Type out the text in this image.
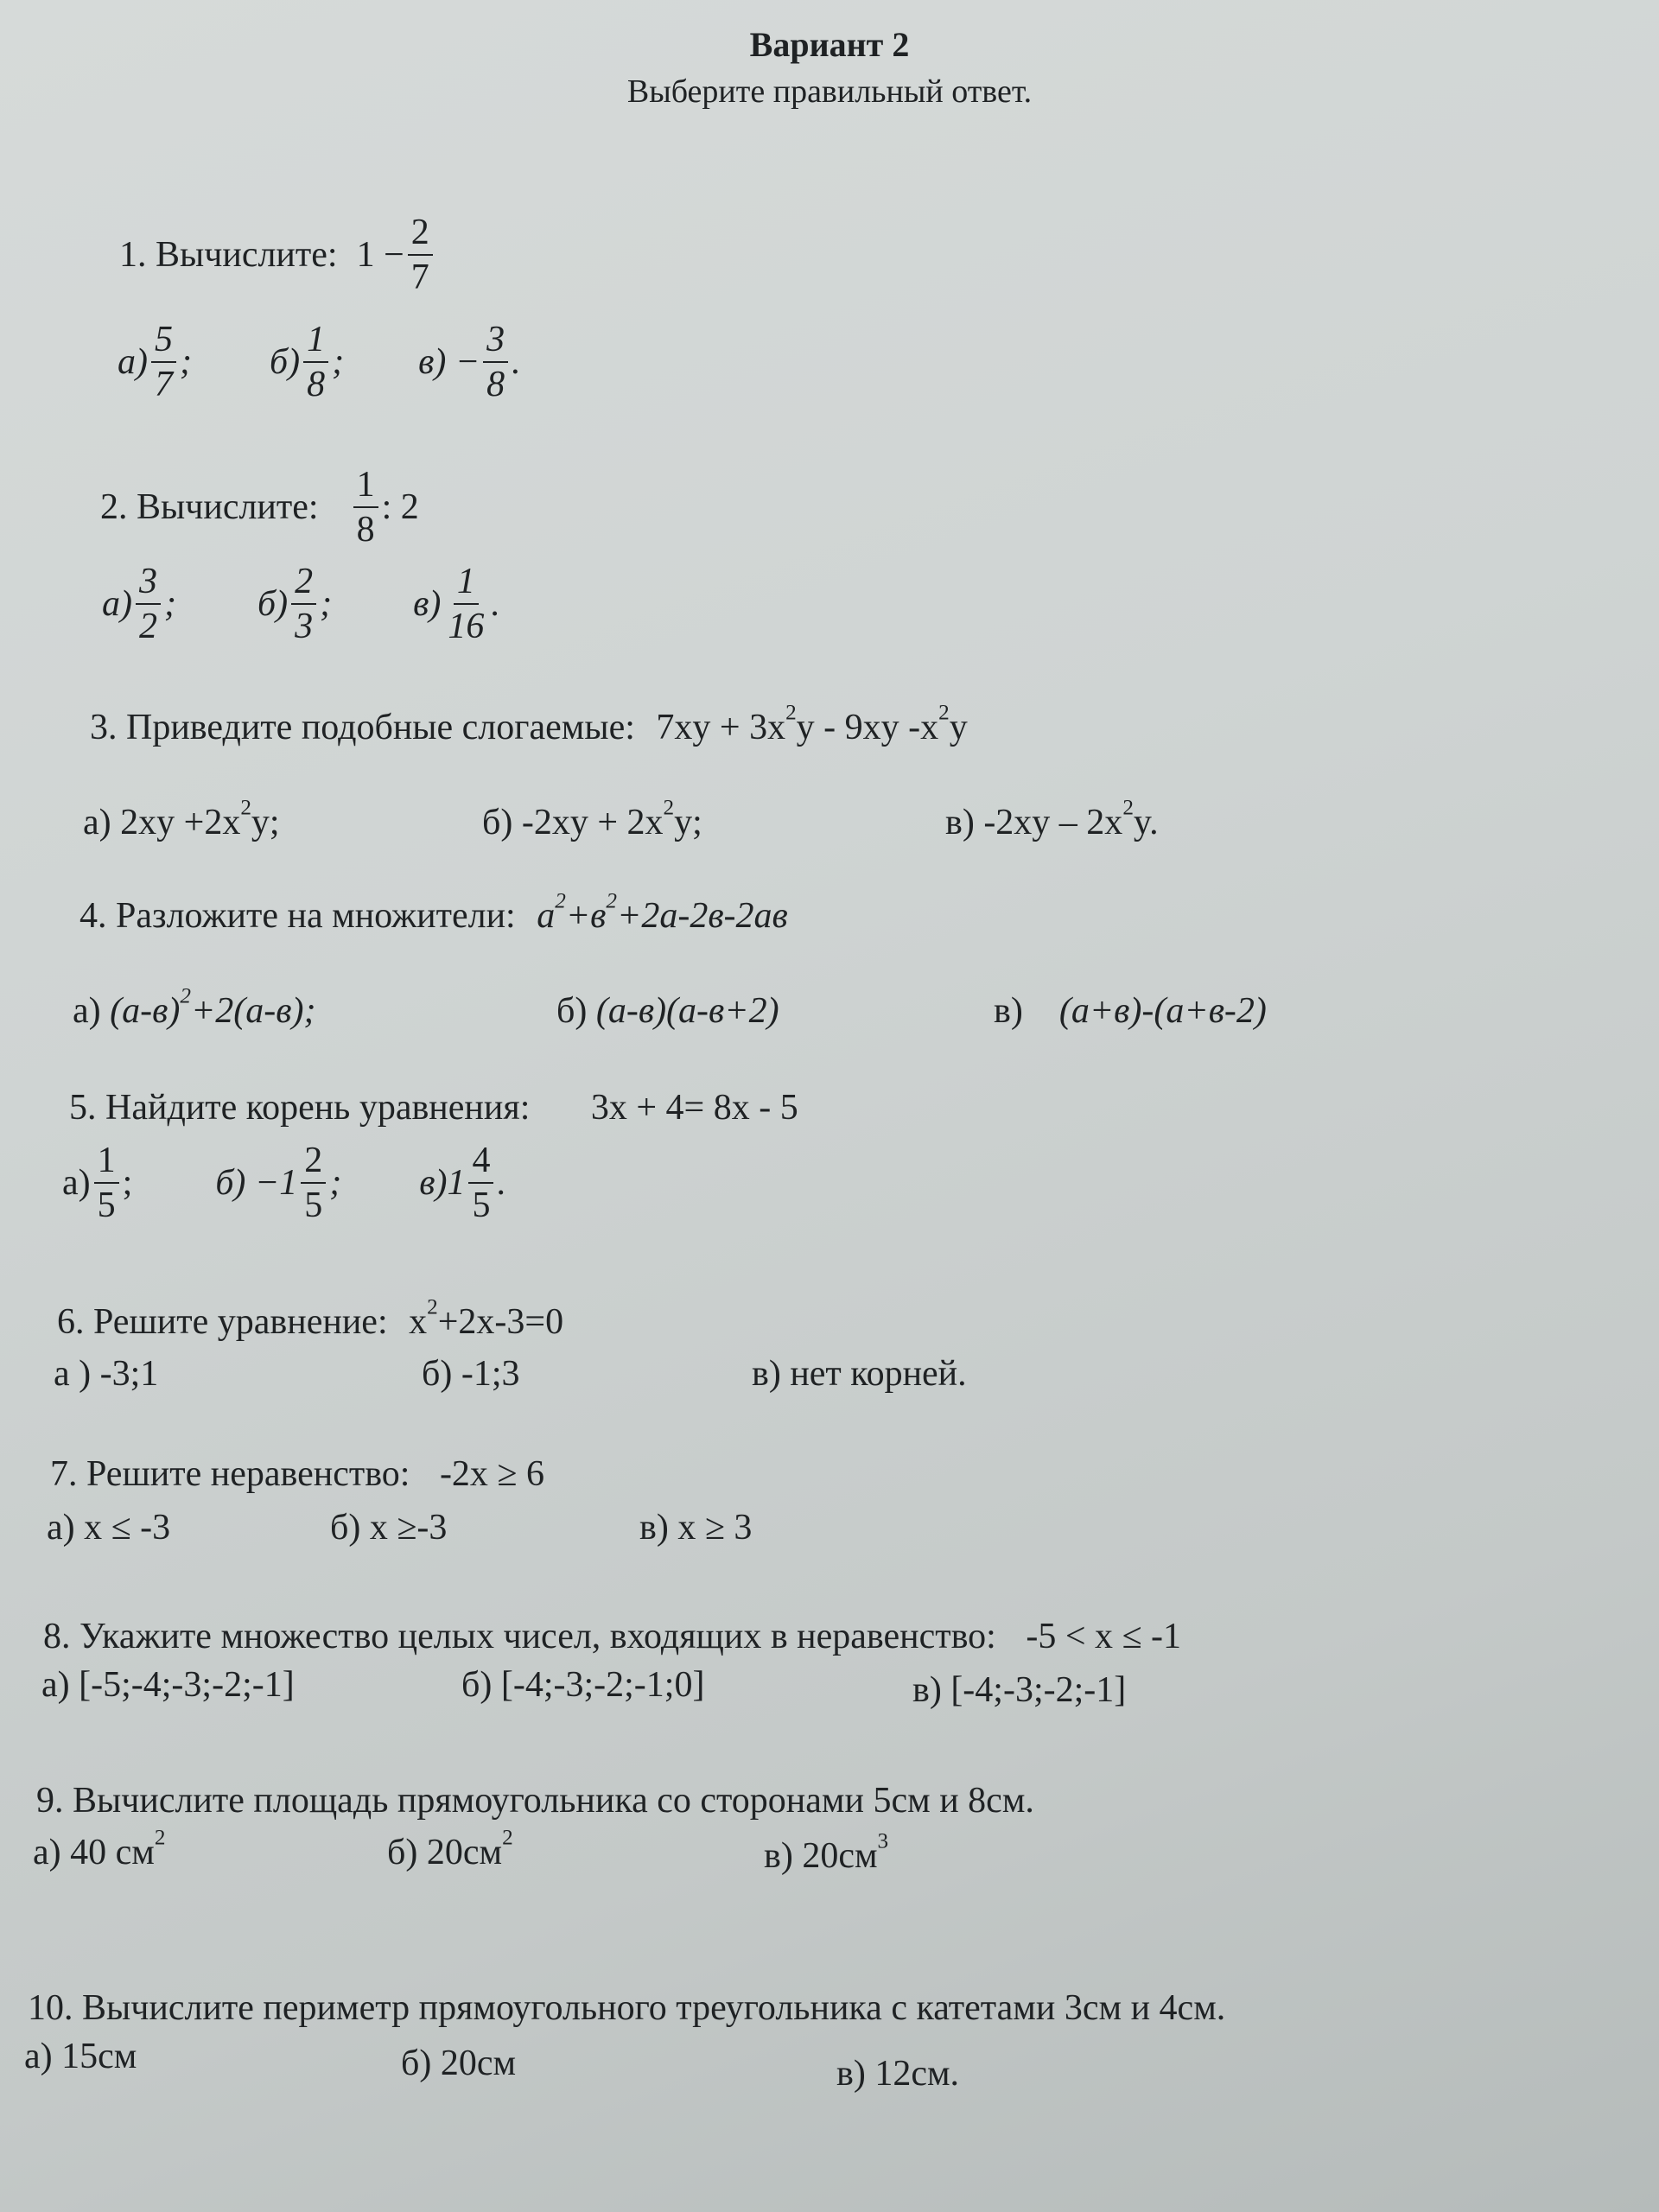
Вариант 2
Выберите правильный ответ.
1. Вычислите: $1 - \frac{2}{7}$
$а) \frac{5}{7}$ ; $б) \frac{1}{8}$ ; $в) - \frac{3}{8}$ .
2. Вычислите: $\frac{1}{8}$ : 2
$а) \frac{3}{2}$ ; $б) \frac{2}{3}$ ; $в) \frac{1}{16}$ .
3. Приведите подобные слогаемые: $7xy + 3x^2y - 9xy$ $-x^2y$
а) $2xy +2x^2y$;	б) $-2xy + 2x^2y$;	в) $-2xy - 2x^2y$.
4. Разложите на множители: $a^2+в^2+2a-2в-2aв$
а) $(a-в)^2+2(a-в)$;	б) (a-в)(a-в+2)	в) (a+в)-(a+в-2)
5. Найдите корень уравнения: 3x + 4= 8x - 5
$а) \frac{1}{5}$ ; $б) -1 \frac{2}{5}$ ; $в)1 \frac{4}{5}$ .
6. Решите уравнение: $x^2+2x-3=0$
а ) -3;1	б) -1;3	в) нет корней.
7. Решите неравенство: -2x ≥ 6
а) x ≤ -3	б) x ≥-3	в) x ≥ 3
8. Укажите множество целых чисел, входящих в неравенство: -5 < x ≤ -1
а) [-5;-4;-3;-2;-1]	б) [-4;-3;-2;-1;0]	в) [-4;-3;-2;-1]
9. Вычислите площадь прямоугольника со сторонами 5см и 8см.
а) 40 $см^2$	б) $20см^2$	в) $20см^3$
10. Вычислите периметр прямоугольного треугольника с катетами 3см и 4см.
а) 15см	б) 20см	в) 12см.
